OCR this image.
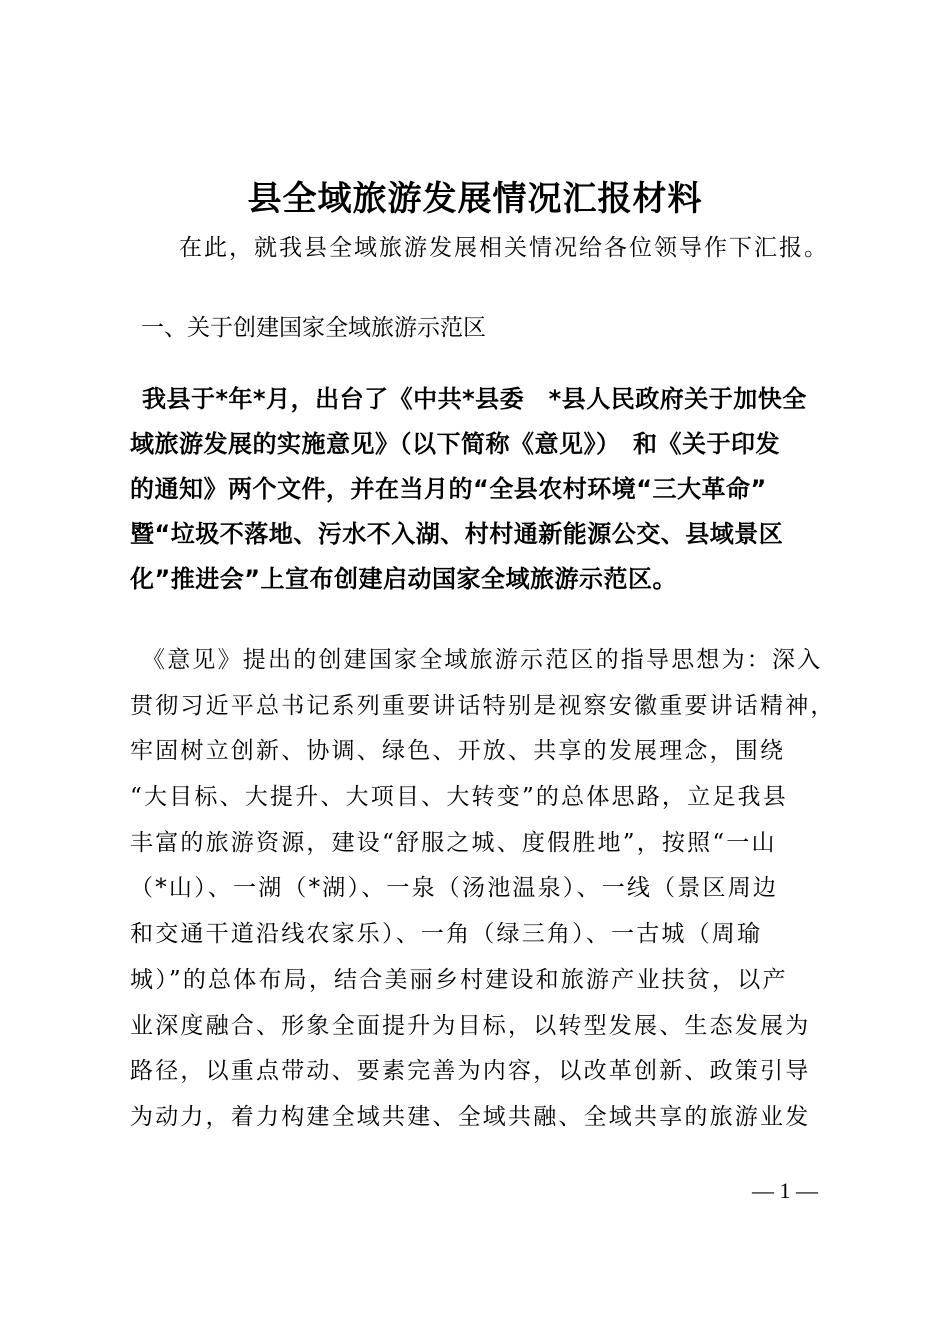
县全域旅游发展情况汇报材料

在此，就我县全域旅游发展相关情况给各位领导作下汇报。

一、关于创建国家全域旅游示范区

我县于*年*月，出台了《中共*县委　*县人民政府关于加快全
域旅游发展的实施意见》（以下简称《意见》）　和《关于印发
的通知》两个文件，并在当月的“全县农村环境“三大革命”
暨“垃圾不落地、污水不入湖、村村通新能源公交、县域景区
化”推进会”上宣布创建启动国家全域旅游示范区。
《意见》提出的创建国家全域旅游示范区的指导思想为：深入
贯彻习近平总书记系列重要讲话特别是视察安徽重要讲话精神，
牢固树立创新、协调、绿色、开放、共享的发展理念，围绕
“大目标、大提升、大项目、大转变”的总体思路，立足我县
丰富的旅游资源，建设“舒服之城、度假胜地”，按照“一山
（*山）、一湖（*湖）、一泉（汤池温泉）、一线（景区周边
和交通干道沿线农家乐）、一角（绿三角）、一古城（周瑜
城）”的总体布局，结合美丽乡村建设和旅游产业扶贫，以产
业深度融合、形象全面提升为目标，以转型发展、生态发展为
路径，以重点带动、要素完善为内容，以改革创新、政策引导
为动力，着力构建全域共建、全域共融、全域共享的旅游业发

— 1 —
